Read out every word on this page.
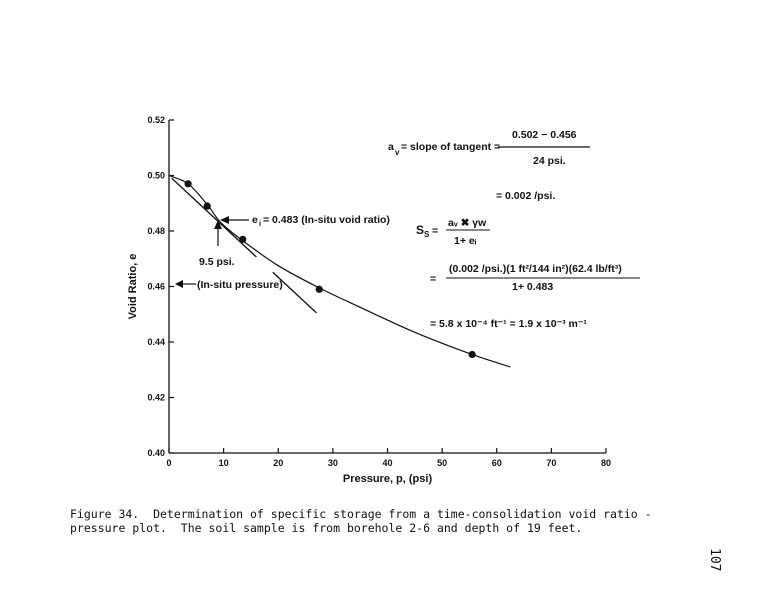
0.40
0.42
0.44
0.46
0.48
0.50
0.52
0	10	20	30	40	50	60	70	80
a v = slope of tangent =
0.502 − 0.456
24 psi.
= 0.002 /psi.
S S =
aᵥ ✖ γw
1+ eᵢ
=
(0.002 /psi.)(1 ft²/144 in²)(62.4 lb/ft³)
1+ 0.483
= 5.8 x 10⁻⁴ ft⁻¹ = 1.9 x 10⁻³ m⁻¹
e i = 0.483 (In-situ void ratio)
9.5 psi.
(In-situ pressure)
Void Ratio, e
Pressure, p, (psi)
Figure 34.  Determination of specific storage from a time-consolidation void ratio -
pressure plot.  The soil sample is from borehole 2-6 and depth of 19 feet.
107
